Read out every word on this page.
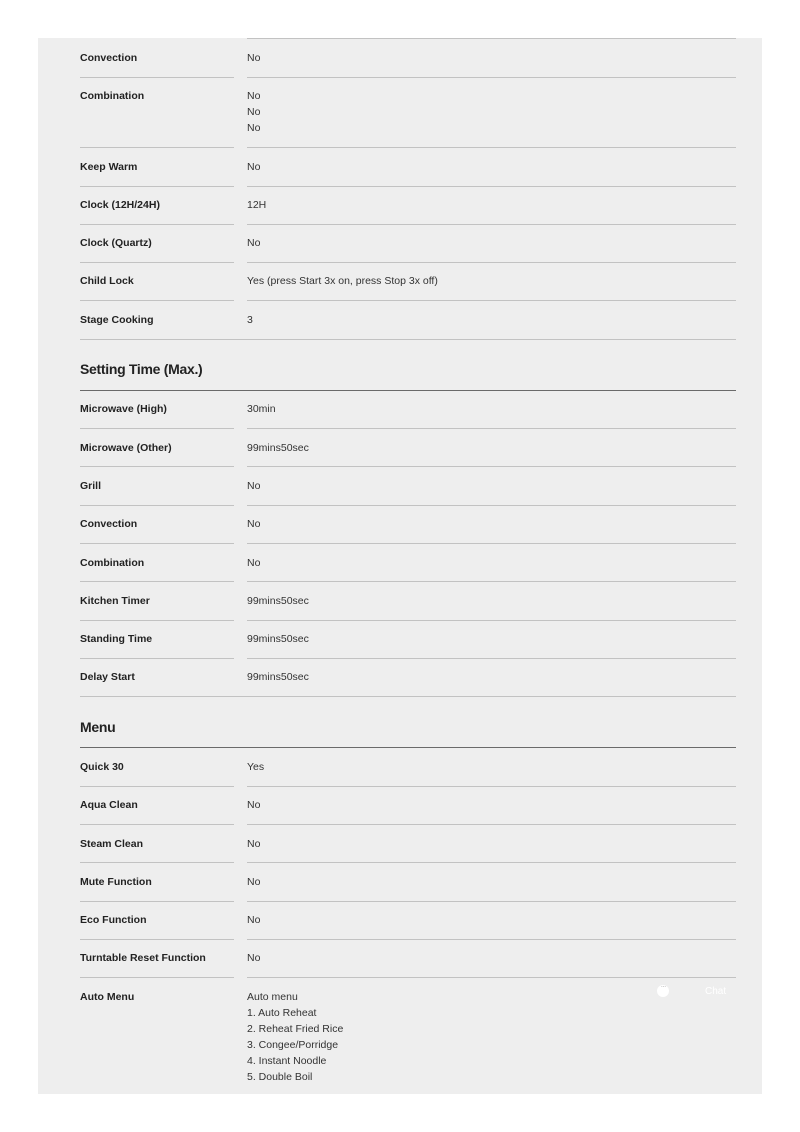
Convection	No
Combination	No
No
No
Keep Warm	No
Clock (12H/24H)	12H
Clock (Quartz)	No
Child Lock	Yes (press Start 3x on, press Stop 3x off)
Stage Cooking	3
Setting Time (Max.)
Microwave (High)	30min
Microwave (Other)	99mins50sec
Grill	No
Convection	No
Combination	No
Kitchen Timer	99mins50sec
Standing Time	99mins50sec
Delay Start	99mins50sec
Menu
Quick 30	Yes
Aqua Clean	No
Steam Clean	No
Mute Function	No
Eco Function	No
Turntable Reset Function	No
Auto Menu	Auto menu
1. Auto Reheat
2. Reheat Fried Rice
3. Congee/Porridge
4. Instant Noodle
5. Double Boil
···
Chat
